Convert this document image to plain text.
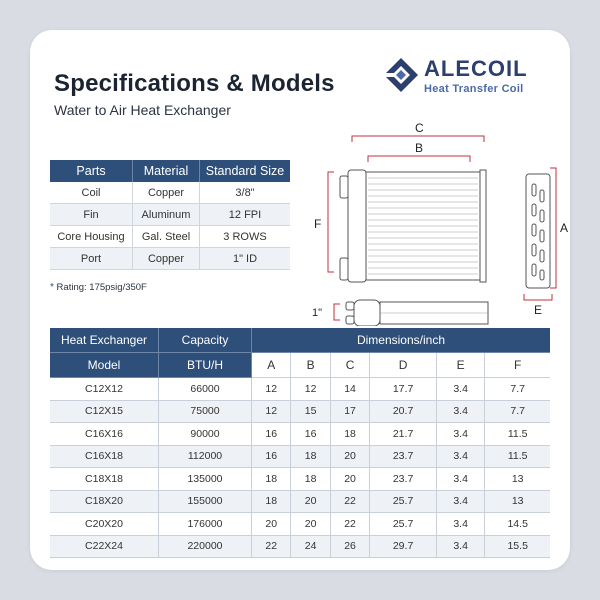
Specifications & Models
Water to Air Heat Exchanger
ALECOIL
Heat Transfer Coil
Parts	Material	Standard Size
Coil	Copper	3/8"
Fin	Aluminum	12 FPI
Core Housing	Gal. Steel	3 ROWS
Port	Copper	1" ID
* Rating: 175psig/350F
C
B
F	A
E
1"
Heat Exchanger	Capacity	Dimensions/inch					
Model	BTU/H	A	B	C	D	E	F
C12X12	66000	12	12	14	17.7	3.4	7.7
C12X15	75000	12	15	17	20.7	3.4	7.7
C16X16	90000	16	16	18	21.7	3.4	11.5
C16X18	112000	16	18	20	23.7	3.4	11.5
C18X18	135000	18	18	20	23.7	3.4	13
C18X20	155000	18	20	22	25.7	3.4	13
C20X20	176000	20	20	22	25.7	3.4	14.5
C22X24	220000	22	24	26	29.7	3.4	15.5
